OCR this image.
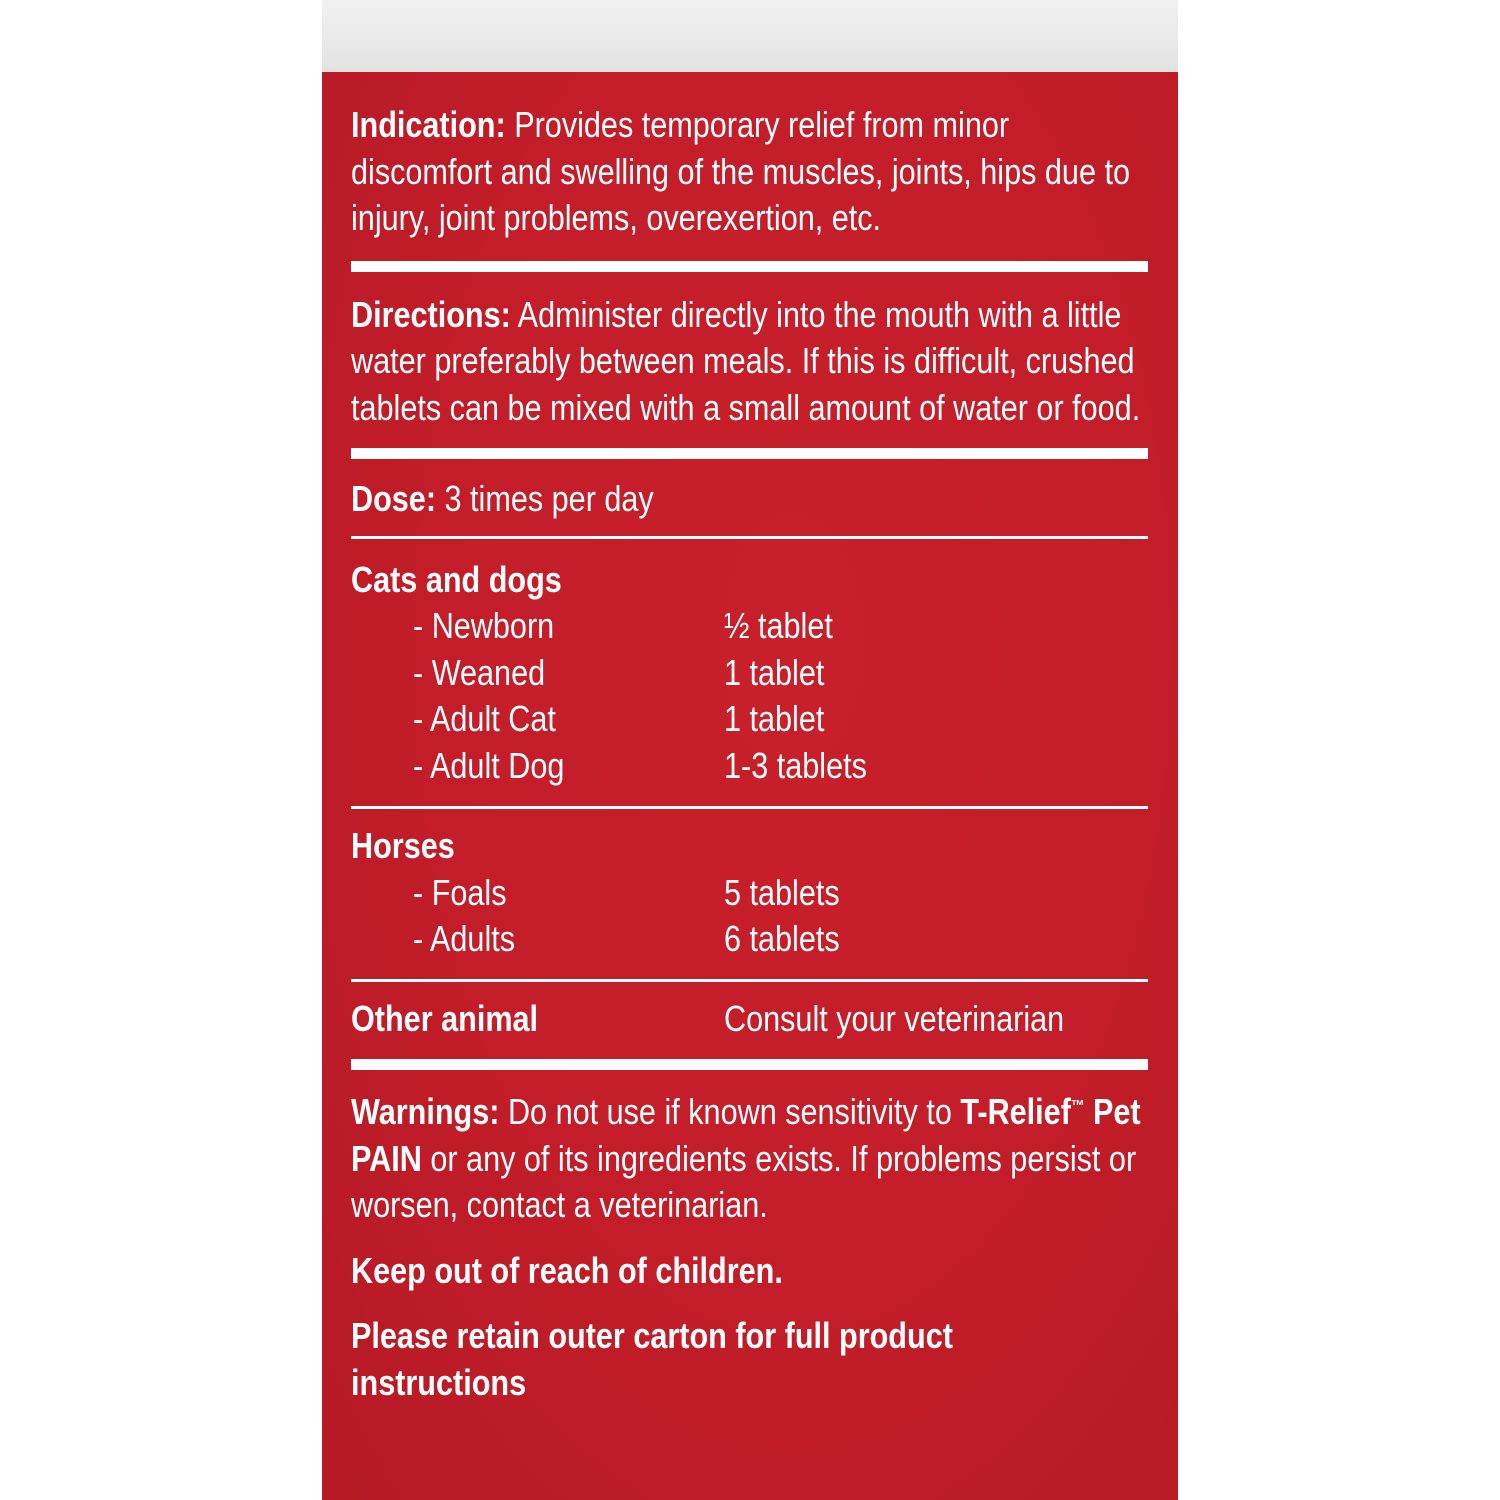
Indication: Provides temporary relief from minor discomfort and swelling of the muscles, joints, hips due to injury, joint problems, overexertion, etc.

Directions: Administer directly into the mouth with a little water preferably between meals. If this is difficult, crushed tablets can be mixed with a small amount of water or food.

Dose: 3 times per day

Cats and dogs
- Newborn	½ tablet
- Weaned	1 tablet
- Adult Cat	1 tablet
- Adult Dog	1-3 tablets
Horses
- Foals	5 tablets
- Adults	6 tablets
Other animal	Consult your veterinarian

Warnings: Do not use if known sensitivity to T-Relief™ Pet PAIN or any of its ingredients exists. If problems persist or worsen, contact a veterinarian.

Keep out of reach of children.

Please retain outer carton for full product instructions
